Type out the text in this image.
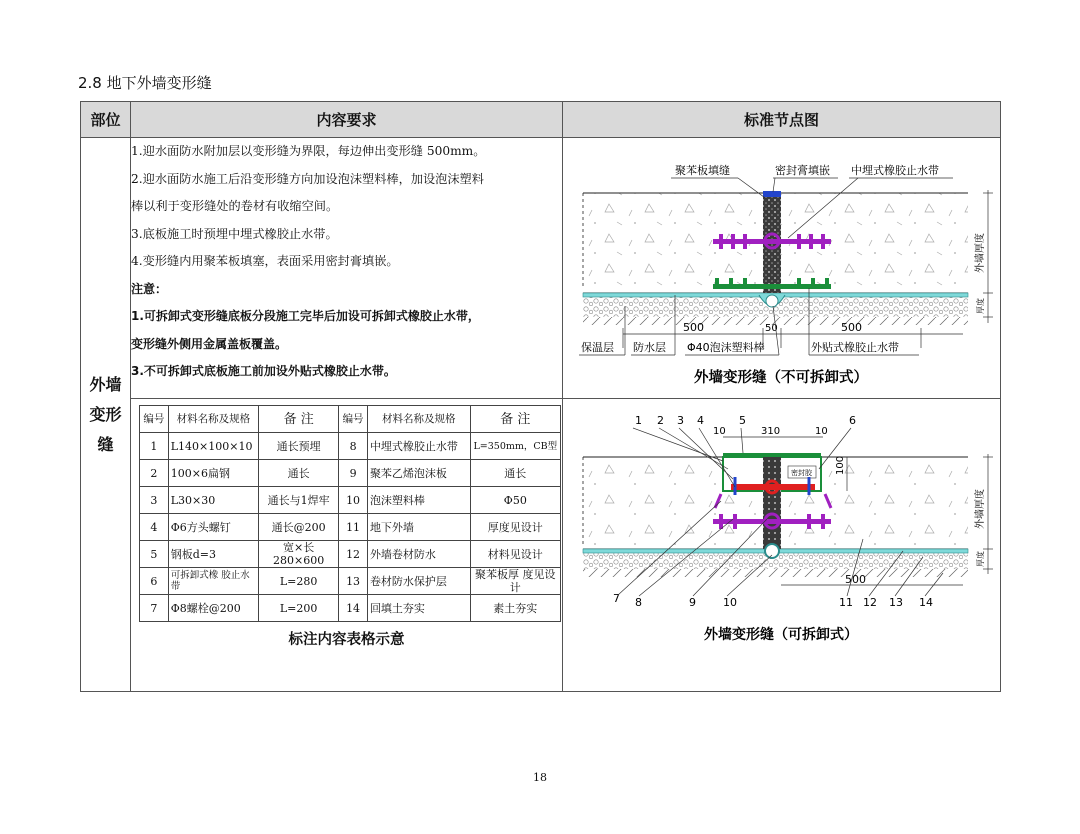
2.8 地下外墙变形缝
部位	内容要求	标准节点图

外墙
变形
缝

1.迎水面防水附加层以变形缝为界限，每边伸出变形缝 500mm。

2.迎水面防水施工后沿变形缝方向加设泡沫塑料棒，加设泡沫塑料

棒以利于变形缝处的卷材有收缩空间。

3.底板施工时预埋中埋式橡胶止水带。

4.变形缝内用聚苯板填塞，表面采用密封膏填嵌。

注意：

1.可拆卸式变形缝底板分段施工完毕后加设可拆卸式橡胶止水带，

变形缝外侧用金属盖板覆盖。

3.不可拆卸式底板施工前加设外贴式橡胶止水带。

聚苯板填缝	密封膏填嵌 中埋式橡胶止水带
外墙厚度
厚度
500	50	500
保温层 防水层 Φ40泡沫塑料棒	外贴式橡胶止水带
外墙变形缝（不可拆卸式）

编号	材料名称及规格	备 注	编号	材料名称及规格	备 注
1	L140×100×10	通长预埋	8	中埋式橡胶止水带	L=350mm，CB型
2	100×6扁钢	通长	9	聚苯乙烯泡沫板	通长
3	L30×30	通长与1焊牢	10	泡沫塑料棒	Φ50
4	Φ6方头螺钉	通长@200	11	地下外墙	厚度见设计
5	钢板d=3	宽×长 280×600	12	外墙卷材防水	材料见设计
6	可拆卸式橡 胶止水带	L=280	13	卷材防水保护层	聚苯板厚 度见设计
7	Φ8螺栓@200	L=200	14	回填土夯实	素土夯实
标注内容表格示意

密封胶
1 2 3 4
10
5
310	10
6
100
外墙厚度
厚度
500
7 8	9 10	11 12 13 14
外墙变形缝（可拆卸式）
18
